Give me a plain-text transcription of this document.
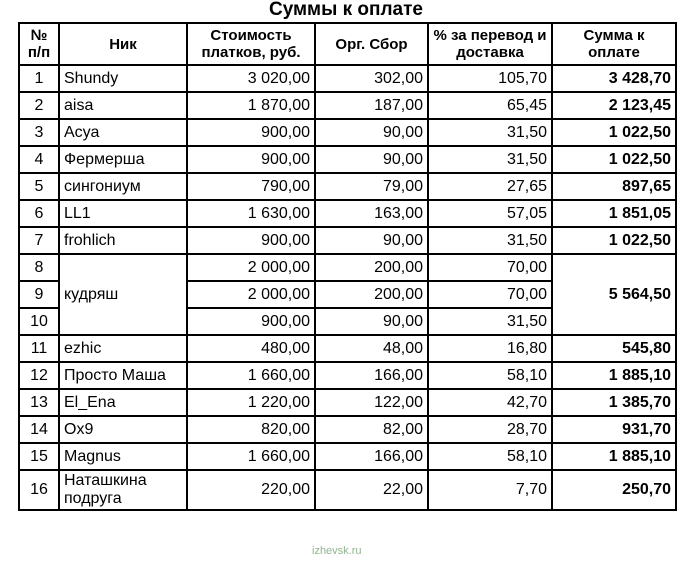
Суммы к оплате
№ п/п	Ник	Стоимость платков, руб.	Орг. Сбор	% за перевод и доставка	Сумма к оплате
1	Shundy	3 020,00	302,00	105,70	3 428,70
2	aisa	1 870,00	187,00	65,45	2 123,45
3	Асуа	900,00	90,00	31,50	1 022,50
4	Фермерша	900,00	90,00	31,50	1 022,50
5	сингониум	790,00	79,00	27,65	897,65
6	LL1	1 630,00	163,00	57,05	1 851,05
7	frohlich	900,00	90,00	31,50	1 022,50
8	кудряш	2 000,00	200,00	70,00	5 564,50
9		2 000,00	200,00	70,00	
10		900,00	90,00	31,50	
11	ezhic	480,00	48,00	16,80	545,80
12	Просто Маша	1 660,00	166,00	58,10	1 885,10
13	El_Ena	1 220,00	122,00	42,70	1 385,70
14	Ox9	820,00	82,00	28,70	931,70
15	Magnus	1 660,00	166,00	58,10	1 885,10
16	Наташкина подруга	220,00	22,00	7,70	250,70
izhevsk.ru
